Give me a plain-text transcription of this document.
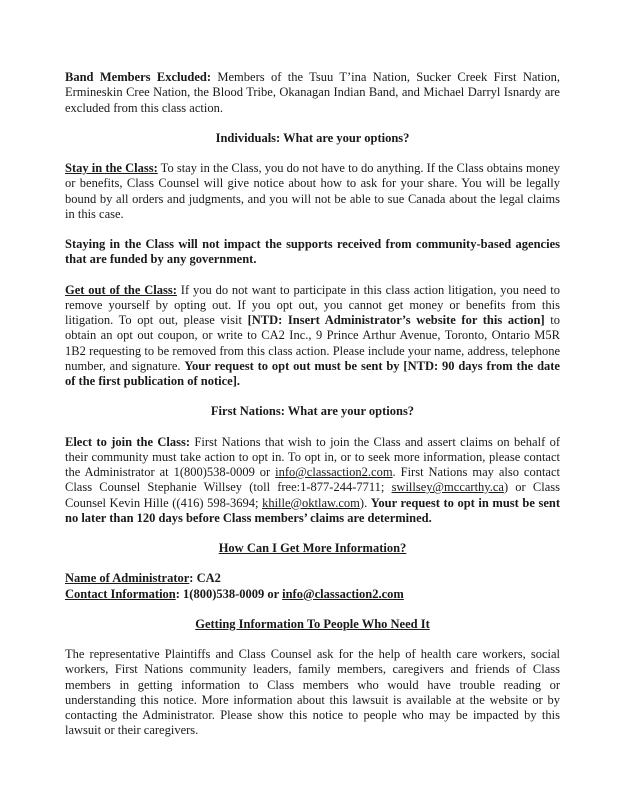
Band Members Excluded: Members of the Tsuu T’ina Nation, Sucker Creek First Nation, Ermineskin Cree Nation, the Blood Tribe, Okanagan Indian Band, and Michael Darryl Isnardy are excluded from this class action.
Individuals: What are your options?
Stay in the Class: To stay in the Class, you do not have to do anything. If the Class obtains money or benefits, Class Counsel will give notice about how to ask for your share. You will be legally bound by all orders and judgments, and you will not be able to sue Canada about the legal claims in this case.
Staying in the Class will not impact the supports received from community-based agencies that are funded by any government.
Get out of the Class: If you do not want to participate in this class action litigation, you need to remove yourself by opting out. If you opt out, you cannot get money or benefits from this litigation. To opt out, please visit [NTD: Insert Administrator’s website for this action] to obtain an opt out coupon, or write to CA2 Inc., 9 Prince Arthur Avenue, Toronto, Ontario M5R 1B2 requesting to be removed from this class action. Please include your name, address, telephone number, and signature. Your request to opt out must be sent by [NTD: 90 days from the date of the first publication of notice].
First Nations: What are your options?
Elect to join the Class: First Nations that wish to join the Class and assert claims on behalf of their community must take action to opt in. To opt in, or to seek more information, please contact the Administrator at 1(800)538-0009 or info@classaction2.com. First Nations may also contact Class Counsel Stephanie Willsey (toll free:1-877-244-7711; swillsey@mccarthy.ca) or Class Counsel Kevin Hille ((416) 598-3694; khille@oktlaw.com). Your request to opt in must be sent no later than 120 days before Class members’ claims are determined.
How Can I Get More Information?
Name of Administrator: CA2
Contact Information: 1(800)538-0009 or info@classaction2.com
Getting Information To People Who Need It
The representative Plaintiffs and Class Counsel ask for the help of health care workers, social workers, First Nations community leaders, family members, caregivers and friends of Class members in getting information to Class members who would have trouble reading or understanding this notice. More information about this lawsuit is available at the website or by contacting the Administrator. Please show this notice to people who may be impacted by this lawsuit or their caregivers.
